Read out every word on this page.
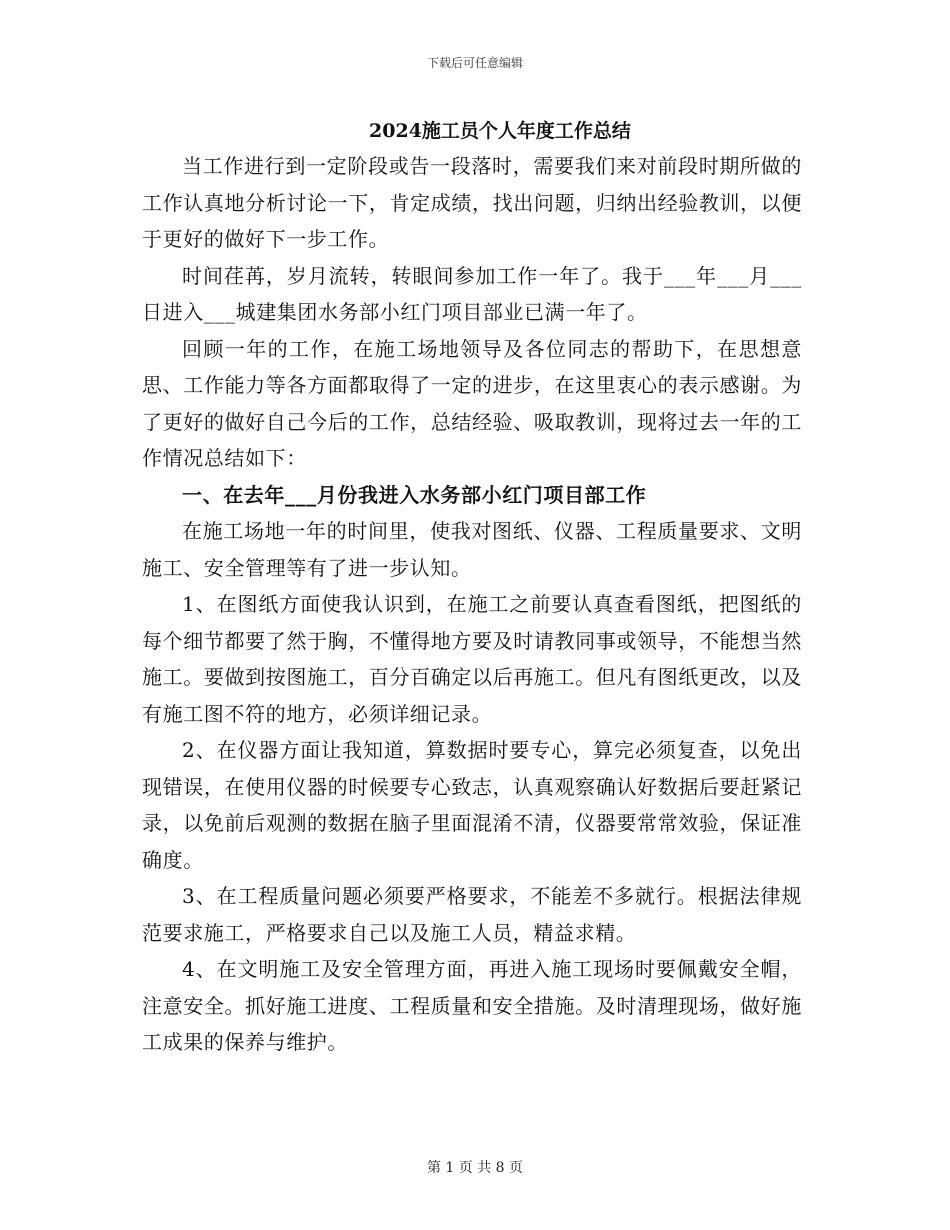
下载后可任意编辑
2024施工员个人年度工作总结

当工作进行到一定阶段或告一段落时，需要我们来对前段时期所做的工作认真地分析讨论一下，肯定成绩，找出问题，归纳出经验教训，以便于更好的做好下一步工作。

时间荏苒，岁月流转，转眼间参加工作一年了。我于___年___月___日进入___城建集团水务部小红门项目部业已满一年了。

回顾一年的工作，在施工场地领导及各位同志的帮助下，在思想意思、工作能力等各方面都取得了一定的进步，在这里衷心的表示感谢。为了更好的做好自己今后的工作，总结经验、吸取教训，现将过去一年的工作情况总结如下：

一、在去年___月份我进入水务部小红门项目部工作

在施工场地一年的时间里，使我对图纸、仪器、工程质量要求、文明施工、安全管理等有了进一步认知。

1、在图纸方面使我认识到，在施工之前要认真查看图纸，把图纸的每个细节都要了然于胸，不懂得地方要及时请教同事或领导，不能想当然施工。要做到按图施工，百分百确定以后再施工。但凡有图纸更改，以及有施工图不符的地方，必须详细记录。

2、在仪器方面让我知道，算数据时要专心，算完必须复查，以免出现错误，在使用仪器的时候要专心致志，认真观察确认好数据后要赶紧记录，以免前后观测的数据在脑子里面混淆不清，仪器要常常效验，保证准确度。

3、在工程质量问题必须要严格要求，不能差不多就行。根据法律规范要求施工，严格要求自己以及施工人员，精益求精。

4、在文明施工及安全管理方面，再进入施工现场时要佩戴安全帽，注意安全。抓好施工进度、工程质量和安全措施。及时清理现场，做好施工成果的保养与维护。

第 1 页 共 8 页
